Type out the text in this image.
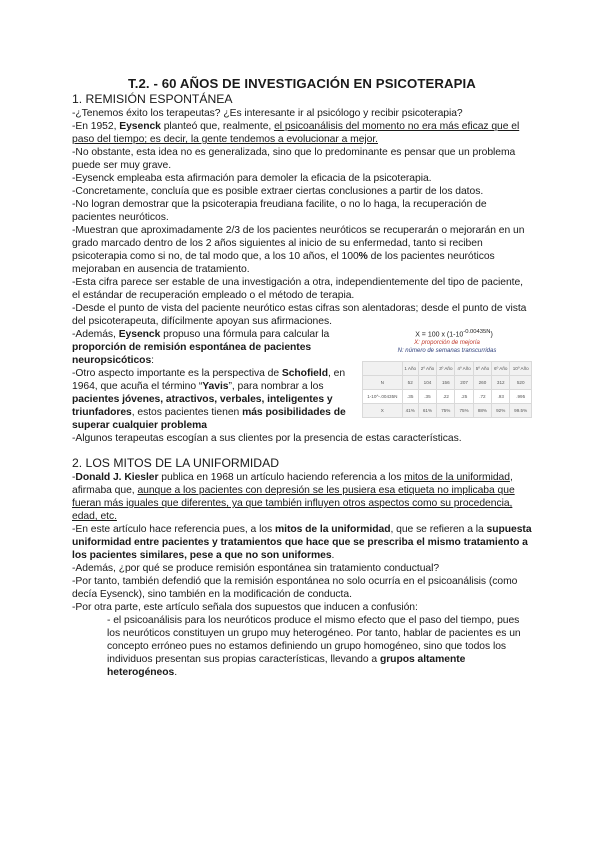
T.2. - 60 AÑOS DE INVESTIGACIÓN EN PSICOTERAPIA
1. REMISIÓN ESPONTÁNEA

-¿Tenemos éxito los terapeutas? ¿Es interesante ir al psicólogo y recibir psicoterapia?

-En 1952, Eysenck planteó que, realmente, el psicoanálisis del momento no era más eficaz que el paso del tiempo; es decir, la gente tendemos a evolucionar a mejor.

-No obstante, esta idea no es generalizada, sino que lo predominante es pensar que un problema puede ser muy grave.

-Eysenck empleaba esta afirmación para demoler la eficacia de la psicoterapia.

-Concretamente, concluía que es posible extraer ciertas conclusiones a partir de los datos.

-No logran demostrar que la psicoterapia freudiana facilite, o no lo haga, la recuperación de pacientes neuróticos.

-Muestran que aproximadamente 2/3 de los pacientes neuróticos se recuperarán o mejorarán en un grado marcado dentro de los 2 años siguientes al inicio de su enfermedad, tanto si reciben psicoterapia como si no, de tal modo que, a los 10 años, el 100% de los pacientes neuróticos mejoraban en ausencia de tratamiento.

-Esta cifra parece ser estable de una investigación a otra, independientemente del tipo de paciente, el estándar de recuperación empleado o el método de terapia.

-Desde el punto de vista del paciente neurótico estas cifras son alentadoras; desde el punto de vista del psicoterapeuta, difícilmente apoyan sus afirmaciones.

-Además, Eysenck propuso una fórmula para calcular la proporción de remisión espontánea de pacientes neuropsicóticos:

-Otro aspecto importante es la perspectiva de Schofield, en 1964, que acuña el término “Yavis”, para nombrar a los pacientes jóvenes, atractivos, verbales, inteligentes y triunfadores, estos pacientes tienen más posibilidades de superar cualquier problema

X = 100 x $(1-10^{-0.00435N})$
X: proporción de mejoría
N: número de semanas transcurridas
	1 Año	2º Año	3º Año	4º Año	5º Año	6º Año	10º Año
N	52	104	156	207	260	312	520
1-10^-.00435N	.35	.35	.22	.25	.72	.93	.995
X	41%	61%	75%	75%	88%	92%	99.5%

-Algunos terapeutas escogían a sus clientes por la presencia de estas características.

2. LOS MITOS DE LA UNIFORMIDAD

-Donald J. Kiesler publica en 1968 un artículo haciendo referencia a los mitos de la uniformidad, afirmaba que, aunque a los pacientes con depresión se les pusiera esa etiqueta no implicaba que fueran más iguales que diferentes, ya que también influyen otros aspectos como su procedencia, edad, etc.

-En este artículo hace referencia pues, a los mitos de la uniformidad, que se refieren a la supuesta uniformidad entre pacientes y tratamientos que hace que se prescriba el mismo tratamiento a los pacientes similares, pese a que no son uniformes.

-Además, ¿por qué se produce remisión espontánea sin tratamiento conductual?

-Por tanto, también defendió que la remisión espontánea no solo ocurría en el psicoanálisis (como decía Eysenck), sino también en la modificación de conducta.

-Por otra parte, este artículo señala dos supuestos que inducen a confusión:

- el psicoanálisis para los neuróticos produce el mismo efecto que el paso del tiempo, pues los neuróticos constituyen un grupo muy heterogéneo. Por tanto, hablar de pacientes es un concepto erróneo pues no estamos definiendo un grupo homogéneo, sino que todos los individuos presentan sus propias características, llevando a grupos altamente heterogéneos.
